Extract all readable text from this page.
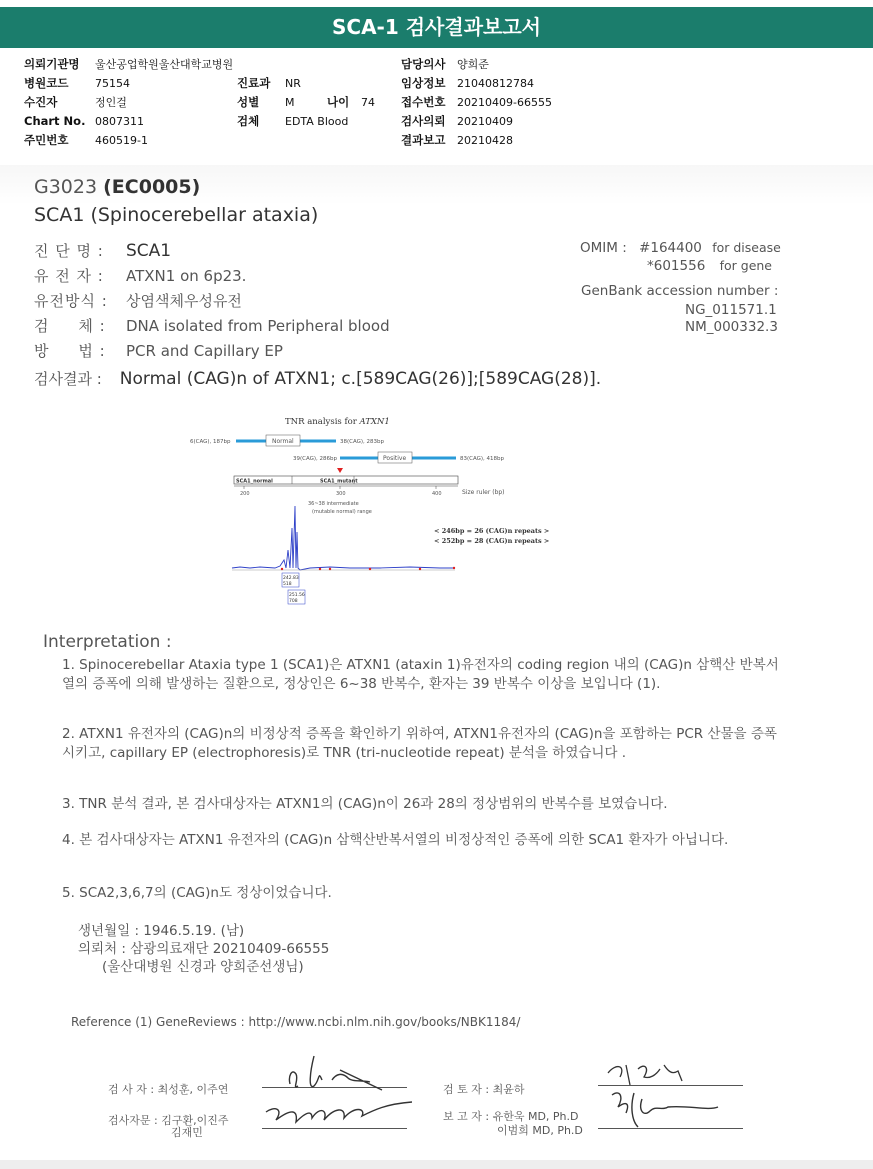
SCA-1 검사결과보고서
의뢰기관명 울산공업학원울산대학교병원
병원코드 75154
수진자	정인걸
Chart No. 0807311
주민번호 460519-1
진료과 NR
성별 M	나이 74
검체 EDTA Blood
담당의사 양희준
임상정보 21040812784
접수번호 20210409-66555
검사의뢰 20210409
결과보고 20210428
G3023 (EC0005)
SCA1 (Spinocerebellar ataxia)
진 단 명 : SCA1
유 전 자 : ATXN1 on 6p23.
유전방식 : 상염색체우성유전
검     체 : DNA isolated from Peripheral blood
방     법 : PCR and Capillary EP
OMIM : #164400 for disease
*601556 for gene
GenBank accession number :
NG_011571.1
NM_000332.3
검사결과 : Normal (CAG)n of ATXN1; c.[589CAG(26)];[589CAG(28)].
TNR analysis for ATXN1
6(CAG), 187bp	Normal	38(CAG), 283bp
39(CAG), 286bp	Positive	83(CAG), 418bp
SCA1_normal	SCA1_mutant
200	300	400	Size ruler (bp)
36~38 intermediate
(mutable normal) range
< 246bp = 26 (CAG)n repeats >
< 252bp = 28 (CAG)n repeats >
242.83
518
251.56
708
Interpretation :
1. Spinocerebellar Ataxia type 1 (SCA1)은 ATXN1 (ataxin 1)유전자의 coding region 내의 (CAG)n 삼핵산 반복서열의 증폭에 의해 발생하는 질환으로, 정상인은 6~38 반복수, 환자는 39 반복수 이상을 보입니다 (1).
2. ATXN1 유전자의 (CAG)n의 비정상적 증폭을 확인하기 위하여, ATXN1유전자의 (CAG)n을 포함하는 PCR 산물을 증폭시키고, capillary EP (electrophoresis)로 TNR (tri-nucleotide repeat) 분석을 하였습니다 .
3. TNR 분석 결과, 본 검사대상자는 ATXN1의 (CAG)n이 26과 28의 정상범위의 반복수를 보였습니다.
4. 본 검사대상자는 ATXN1 유전자의 (CAG)n 삼핵산반복서열의 비정상적인 증폭에 의한 SCA1 환자가 아닙니다.
5. SCA2,3,6,7의 (CAG)n도 정상이었습니다.
생년월일 : 1946.5.19. (남)
의뢰처 : 삼광의료재단 20210409-66555
(울산대병원 신경과 양희준선생님)
Reference (1) GeneReviews : http://www.ncbi.nlm.nih.gov/books/NBK1184/
검 사 자 : 최성훈, 이주연
검사자문 : 김구환,이진주
김재민
검 토 자 : 최윤하
보 고 자 : 유한욱 MD, Ph.D
이범희 MD, Ph.D
